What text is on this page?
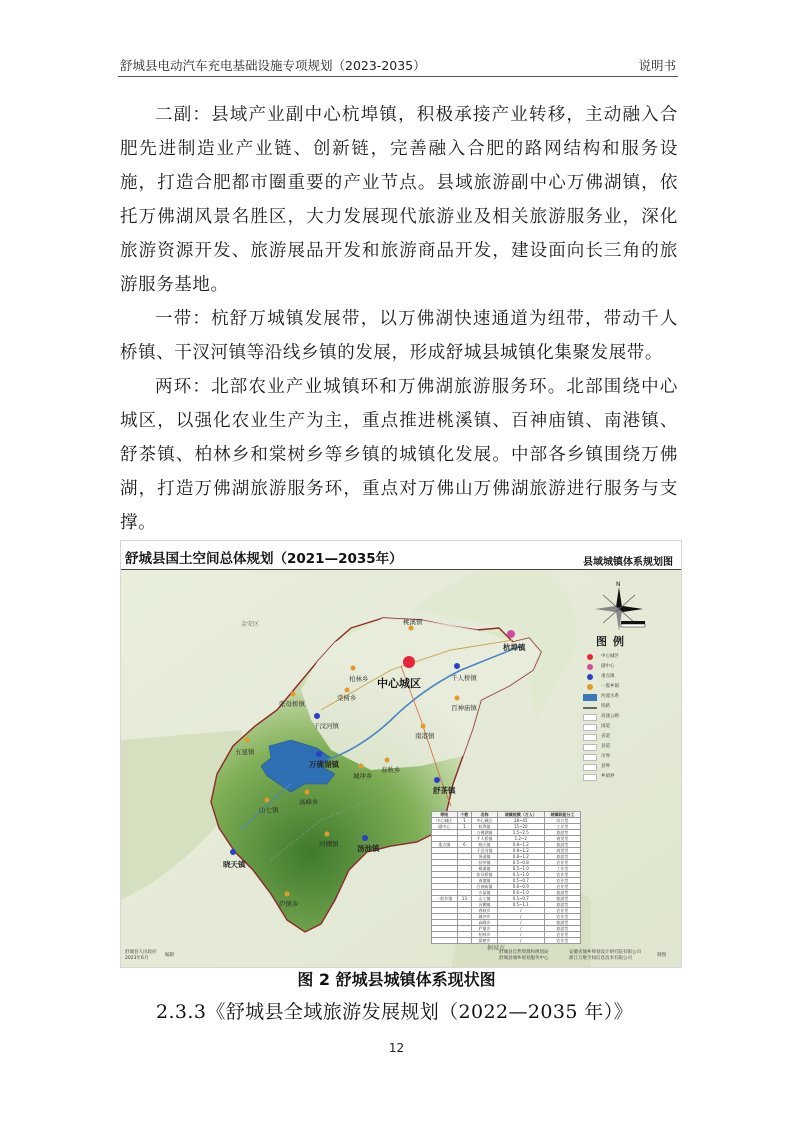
舒城县电动汽车充电基础设施专项规划（2023-2035）	说明书
二副：县域产业副中心杭埠镇，积极承接产业转移，主动融入合肥先进制造业产业链、创新链，完善融入合肥的路网结构和服务设施，打造合肥都市圈重要的产业节点。县域旅游副中心万佛湖镇，依托万佛湖风景名胜区，大力发展现代旅游业及相关旅游服务业，深化旅游资源开发、旅游展品开发和旅游商品开发，建设面向长三角的旅游服务基地。
一带：杭舒万城镇发展带，以万佛湖快速通道为纽带，带动千人桥镇、干汊河镇等沿线乡镇的发展，形成舒城县城镇化集聚发展带。
两环：北部农业产业城镇环和万佛湖旅游服务环。北部围绕中心城区，以强化农业生产为主，重点推进桃溪镇、百神庙镇、南港镇、舒茶镇、柏林乡和棠树乡等乡镇的城镇化发展。中部各乡镇围绕万佛湖，打造万佛湖旅游服务环，重点对万佛山万佛湖旅游进行服务与支撑。
舒城县国土空间总体规划（2021—2035年）	县域城镇体系规划图
中心城区
杭埠镇
桃溪镇
千人桥镇
柏林乡
棠树乡
百神庙镇
张母桥镇
干汊河镇
南港镇
五显镇
万佛湖镇
城冲乡
春秋乡
舒茶镇
高峰乡
山七镇
汤池镇
河棚镇
晓天镇
庐镇乡
金安区
桐城市
N
图例
中心城区
副中心
重点镇
一般乡镇
河流水系
铁路
高速公路
国道
省道
县道
市界
县界
乡镇界
等级	个数	名称	城镇规模（万人）	城镇职能分工
中心城区	1	中心城区	28~45	综合型
副中心	1	杭埠镇	15~20	工业型
		万佛湖镇	1.5~2.5	旅游型
		千人桥镇	1.2~2	商贸型
重点镇	6	晓天镇	0.8~1.2	旅游型
		干汊河镇	0.8~1.2	商贸型
		汤池镇	0.8~1.2	旅游型
		舒茶镇	0.5~0.8	农业型
		桃溪镇	0.5~1.0	工业型
		张母桥镇	0.5~1.0	农业型
		南港镇	0.5~0.7	农业型
		百神庙镇	0.6~0.9	农业型
		五显镇	0.6~1.0	旅游型
一般乡镇	13	山七镇	0.5~0.7	旅游型
		河棚镇	0.5~1.1	旅游型
		春秋乡	/	农业型
		城冲乡	/	农业型
		高峰乡	/	旅游型
		庐镇乡	/	旅游型
		柏林乡	/	农业型
		棠树乡	/	农业型
舒城县人民政府
2023年6月
编制
舒城县自然资源和规划局
舒城县城乡规划服务中心
安徽省城乡规划设计研究院有限公司
浙江万维空间信息技术有限公司
制图
图 2 舒城县城镇体系现状图
2.3.3《舒城县全域旅游发展规划（2022—2035 年）》
12
